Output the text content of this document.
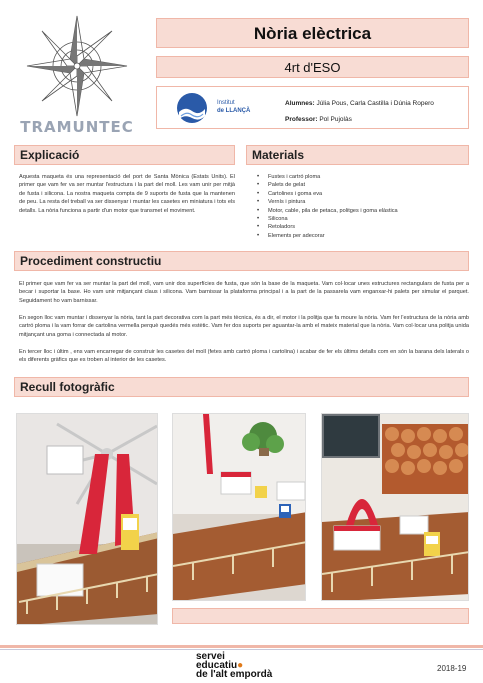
TRAMUNTEC
Nòria elèctrica
4rt d'ESO
Institut
de LLANÇÀ
Alumnes: Júlia Pous, Carla Castilla i Dúnia Ropero
Professor: Pol Pujolàs
Explicació
Aquesta maqueta és una representació del port de Santa Mònica (Estats Units). El primer que vam fer va ser muntar l'estructura i la part del moll. Les vam unir per mitjà de fusta i silicona. La nostra maqueta compta de 9 suports de fusta que la mantenen de peu. La resta del treball va ser dissenyar i muntar les casetes en miniatura i tots els detalls. La nòria funciona a partir d'un motor que transmet el moviment.
Materials
• Fustes i cartró ploma
• Palets de gelat
• Cartolines i goma eva
• Vernís i pintura
• Motor, cable, pila de petaca, politges i goma elàstica
• Silicona
• Retoladors
• Elements per adecorar
Procediment constructiu
El primer que vam fer va ser muntar la part del moll, vam unir dos superfícies de fusta, que són la base de la maqueta. Vam col·locar unes estructures rectangulars de fusta per a becar i suportar la base. Ho vam unir mitjançant claus i silicona. Vam barnissar la plataforma principal i a la part de la passarela vam enganxar-hi palets per simular el parquet. Seguidament ho vam barnissar.
En segon lloc vam muntar i dissenyar la nòria, tant la part decorativa com la part més tècnica, és a dir, el motor i la politja que fa moure la nòria. Vam fer l'estructura de la nòria amb cartró ploma i la vam forrar de cartolina vermella perquè quedés més estètic. Vam fer dos suports per aguantar-la amb el mateix material que la nòria. Vam col·locar una politja unida mitjançant una goma i connectada al motor.
En tercer lloc i últim , ens vam encarregar de construir les casetes del moll (fetes amb cartró ploma i cartolina) i acabar de fer els últims detalls com en són la barana dels laterals o els diferents gràfics que es troben al interior de les casetes.
Recull fotogràfic
servei
educatiu●
de l'alt empordà
2018-19
